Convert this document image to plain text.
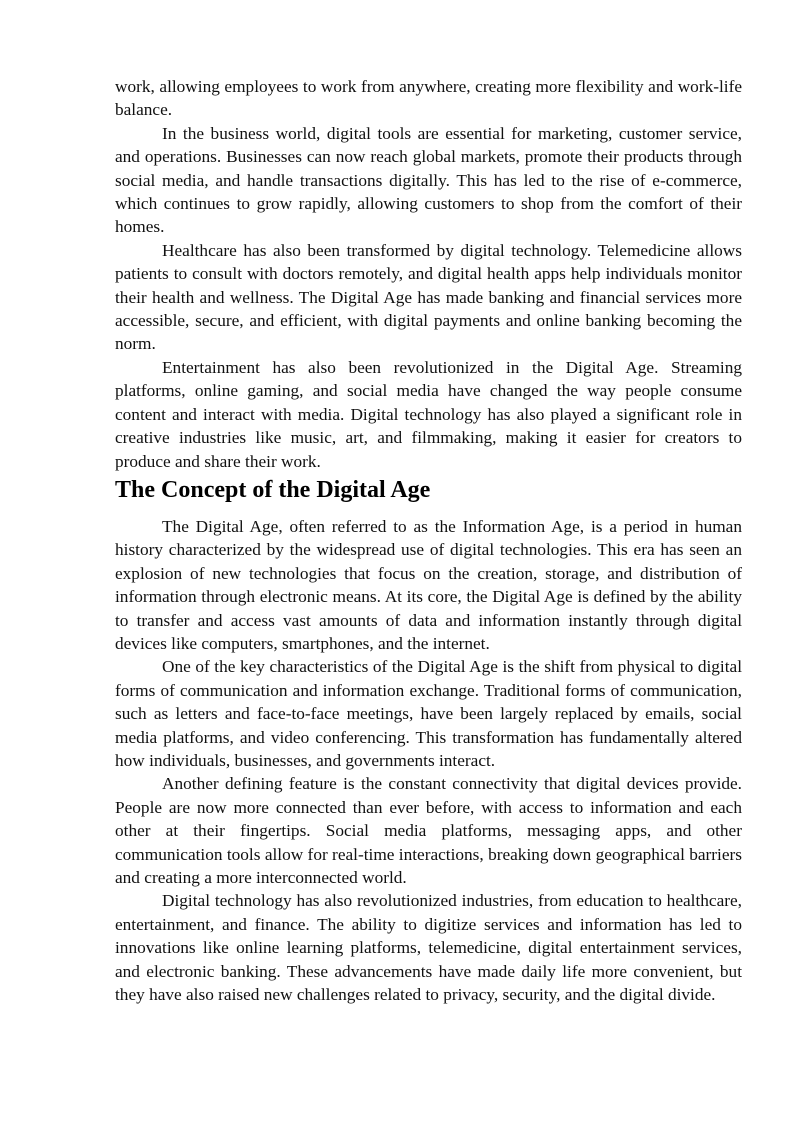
work, allowing employees to work from anywhere, creating more flexibility and work-life balance.

In the business world, digital tools are essential for marketing, customer service, and operations. Businesses can now reach global markets, promote their products through social media, and handle transactions digitally. This has led to the rise of e-commerce, which continues to grow rapidly, allowing customers to shop from the comfort of their homes.

Healthcare has also been transformed by digital technology. Telemedicine allows patients to consult with doctors remotely, and digital health apps help individuals monitor their health and wellness. The Digital Age has made banking and financial services more accessible, secure, and efficient, with digital payments and online banking becoming the norm.

Entertainment has also been revolutionized in the Digital Age. Streaming platforms, online gaming, and social media have changed the way people consume content and interact with media. Digital technology has also played a significant role in creative industries like music, art, and filmmaking, making it easier for creators to produce and share their work.

The Concept of the Digital Age

The Digital Age, often referred to as the Information Age, is a period in human history characterized by the widespread use of digital technologies. This era has seen an explosion of new technologies that focus on the creation, storage, and distribution of information through electronic means. At its core, the Digital Age is defined by the ability to transfer and access vast amounts of data and information instantly through digital devices like computers, smartphones, and the internet.

One of the key characteristics of the Digital Age is the shift from physical to digital forms of communication and information exchange. Traditional forms of communication, such as letters and face-to-face meetings, have been largely replaced by emails, social media platforms, and video conferencing. This transformation has fundamentally altered how individuals, businesses, and governments interact.

Another defining feature is the constant connectivity that digital devices provide. People are now more connected than ever before, with access to information and each other at their fingertips. Social media platforms, messaging apps, and other communication tools allow for real-time interactions, breaking down geographical barriers and creating a more interconnected world.

Digital technology has also revolutionized industries, from education to healthcare, entertainment, and finance. The ability to digitize services and information has led to innovations like online learning platforms, telemedicine, digital entertainment services, and electronic banking. These advancements have made daily life more convenient, but they have also raised new challenges related to privacy, security, and the digital divide.
